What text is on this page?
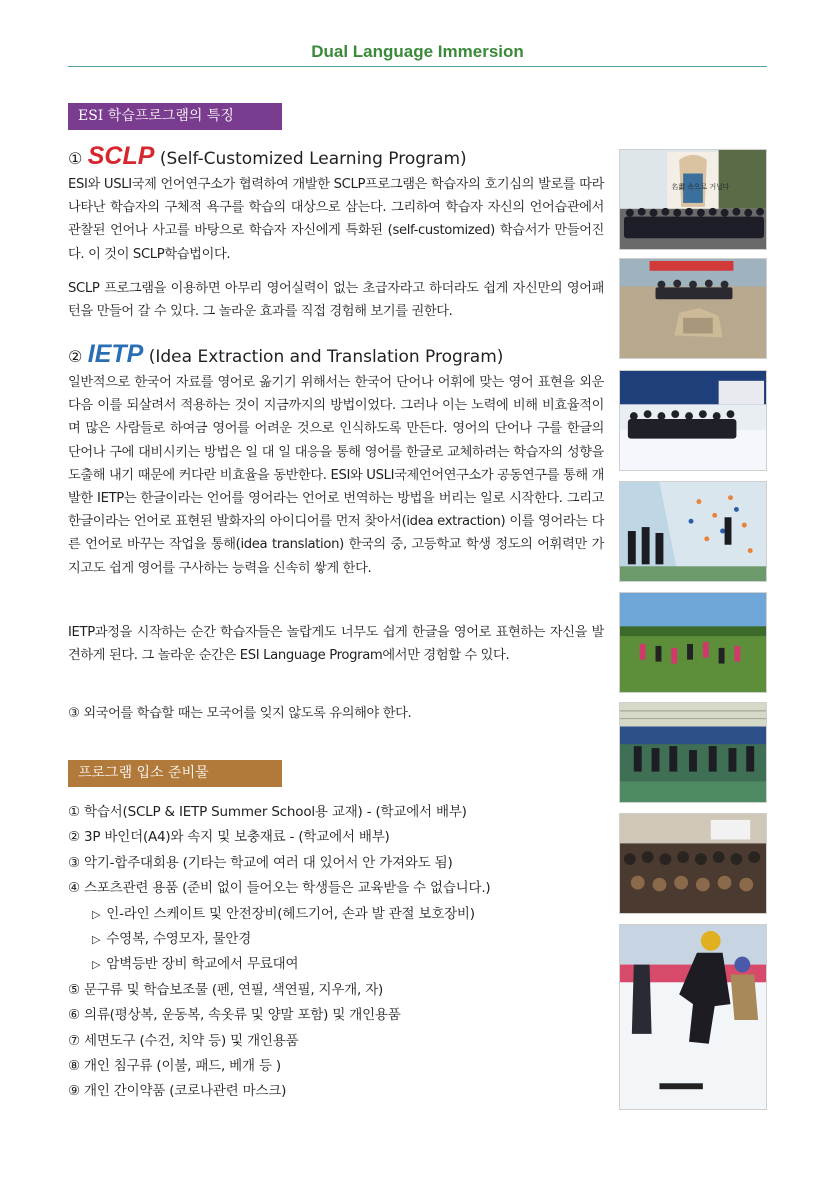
Dual Language Immersion
ESI 학습프로그램의 특징
① SCLP (Self-Customized Learning Program)
ESI와 USLI국제 언어연구소가 협력하여 개발한 SCLP프로그램은 학습자의 호기심의 발로를 따라 나타난 학습자의 구체적 욕구를 학습의 대상으로 삼는다. 그리하여 학습자 자신의 언어습관에서 관찰된 언어나 사고를 바탕으로 학습자 자신에게 특화된 (self-customized) 학습서가 만들어진다. 이 것이 SCLP학습법이다.
SCLP 프로그램을 이용하면 아무리 영어실력이 없는 초급자라고 하더라도 쉽게 자신만의 영어패턴을 만들어 갈 수 있다. 그 놀라운 효과를 직접 경험해 보기를 권한다.
② IETP (Idea Extraction and Translation Program)
일반적으로 한국어 자료를 영어로 옮기기 위해서는 한국어 단어나 어휘에 맞는 영어 표현을 외운 다음 이를 되살려서 적용하는 것이 지금까지의 방법이었다. 그러나 이는 노력에 비해 비효율적이며 많은 사람들로 하여금 영어를 어려운 것으로 인식하도록 만든다. 영어의 단어나 구를 한글의 단어나 구에 대비시키는 방법은 일 대 일 대응을 통해 영어를 한글로 교체하려는 학습자의 성향을 도출해 내기 때문에 커다란 비효율을 동반한다. ESI와 USLI국제언어연구소가 공동연구를 통해 개발한 IETP는 한글이라는 언어를 영어라는 언어로 번역하는 방법을 버리는 일로 시작한다. 그리고 한글이라는 언어로 표현된 발화자의 아이디어를 먼저 찾아서(idea extraction) 이를 영어라는 다른 언어로 바꾸는 작업을 통해(idea translation) 한국의 중, 고등학교 학생 정도의 어휘력만 가지고도 쉽게 영어를 구사하는 능력을 신속히 쌓게 한다.
IETP과정을 시작하는 순간 학습자들은 놀랍게도 너무도 쉽게 한글을 영어로 표현하는 자신을 발견하게 된다. 그 놀라운 순간은 ESI Language Program에서만 경험할 수 있다.
③ 외국어를 학습할 때는 모국어를 잊지 않도록 유의해야 한다.
프로그램 입소 준비물
① 학습서(SCLP & IETP Summer School용 교재) - (학교에서 배부)
② 3P 바인더(A4)와 속지 및 보충재료 - (학교에서 배부)
③ 악기-합주대회용 (기타는 학교에 여러 대 있어서 안 가져와도 됨)
④ 스포츠관련 용품 (준비 없이 들어오는 학생들은 교육받을 수 없습니다.)
▷ 인-라인 스케이트 및 안전장비(헤드기어, 손과 발 관절 보호장비)
▷ 수영복, 수영모자, 물안경
▷ 암벽등반 장비 학교에서 무료대여
⑤ 문구류 및 학습보조물 (펜, 연필, 색연필, 지우개, 자)
⑥ 의류(평상복, 운동복, 속옷류 및 양말 포함) 및 개인용품
⑦ 세면도구 (수건, 치약 등) 및 개인용품
⑧ 개인 침구류 (이불, 패드, 베개 등 )
⑨ 개인 간이약품 (코로나관련 마스크)
名畵 속으로 거닐다
